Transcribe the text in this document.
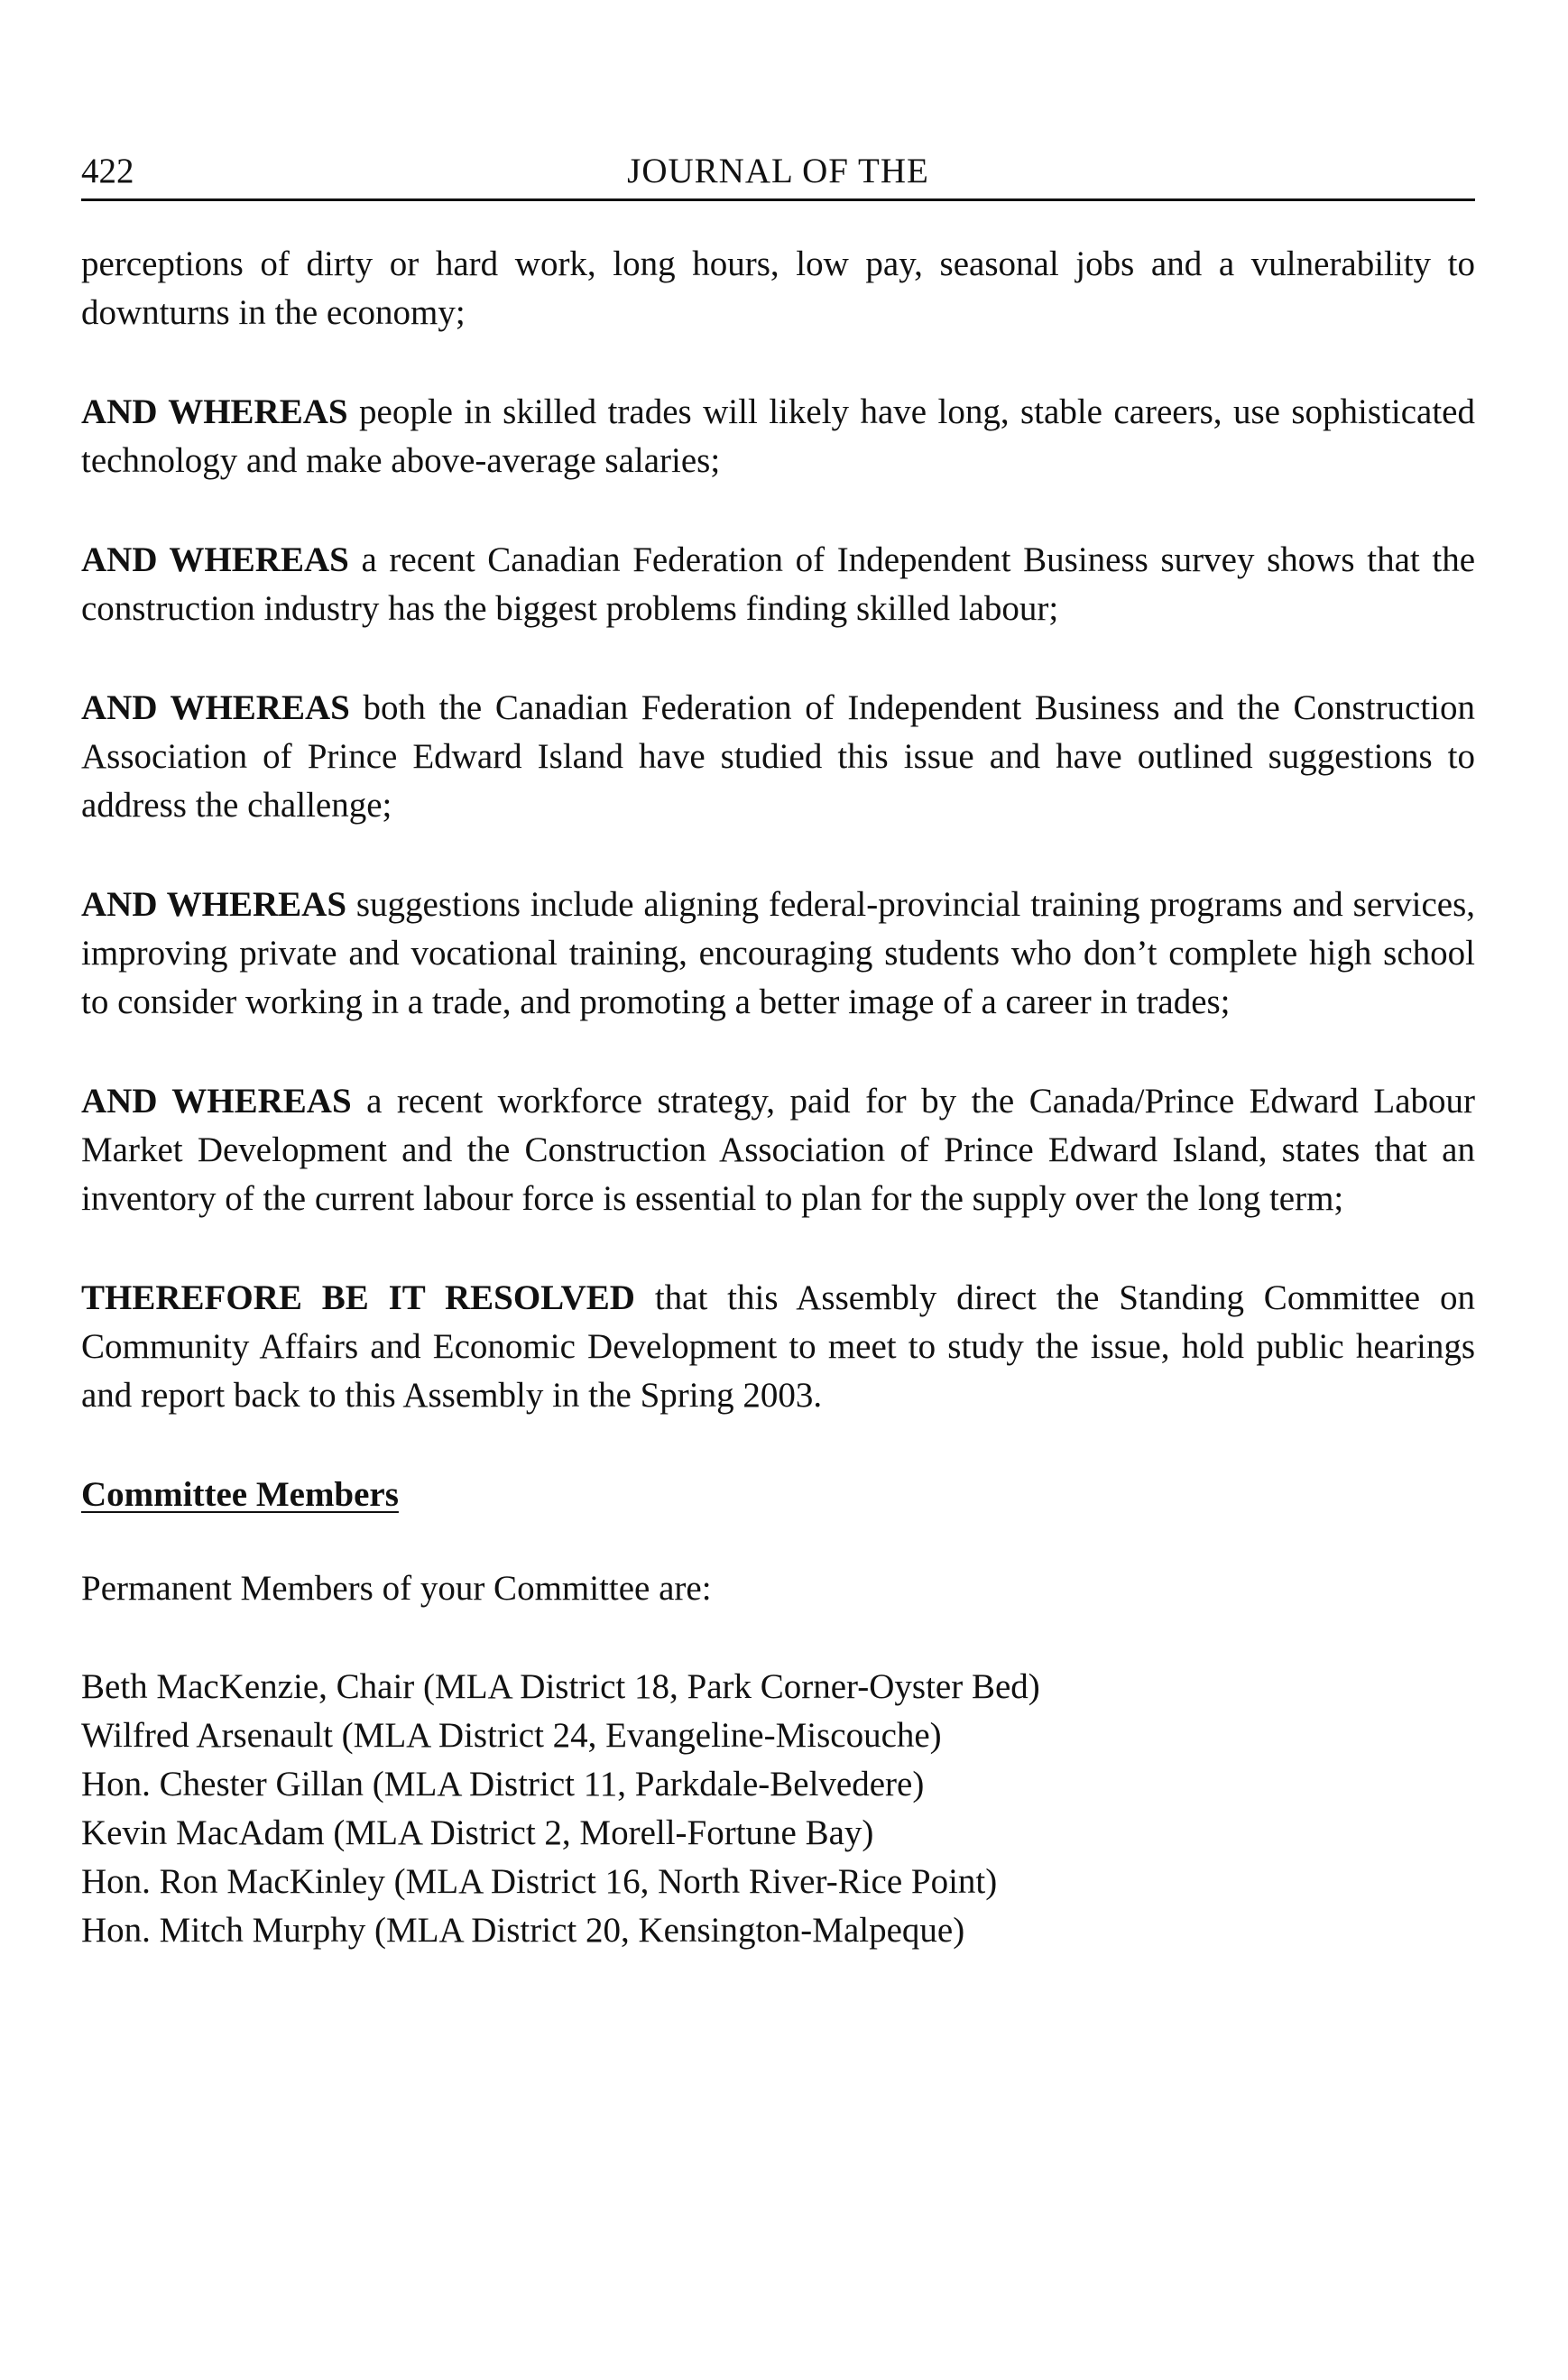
422	JOURNAL OF THE

perceptions of dirty or hard work, long hours, low pay, seasonal jobs and a vulnerability to downturns in the economy;

AND WHEREAS people in skilled trades will likely have long, stable careers, use sophisticated technology and make above-average salaries;

AND WHEREAS a recent Canadian Federation of Independent Business survey shows that the construction industry has the biggest problems finding skilled labour;

AND WHEREAS both the Canadian Federation of Independent Business and the Construction Association of Prince Edward Island have studied this issue and have outlined suggestions to address the challenge;

AND WHEREAS suggestions include aligning federal-provincial training programs and services, improving private and vocational training, encouraging students who don’t complete high school to consider working in a trade, and promoting a better image of a career in trades;

AND WHEREAS a recent workforce strategy, paid for by the Canada/Prince Edward Labour Market Development and the Construction Association of Prince Edward Island, states that an inventory of the current labour force is essential to plan for the supply over the long term;

THEREFORE BE IT RESOLVED that this Assembly direct the Standing Committee on Community Affairs and Economic Development to meet to study the issue, hold public hearings and report back to this Assembly in the Spring 2003.

Committee Members

Permanent Members of your Committee are:

Beth MacKenzie, Chair (MLA District 18, Park Corner-Oyster Bed)
Wilfred Arsenault (MLA District 24, Evangeline-Miscouche)
Hon. Chester Gillan (MLA District 11, Parkdale-Belvedere)
Kevin MacAdam (MLA District 2, Morell-Fortune Bay)
Hon. Ron MacKinley (MLA District 16, North River-Rice Point)
Hon. Mitch Murphy (MLA District 20, Kensington-Malpeque)
